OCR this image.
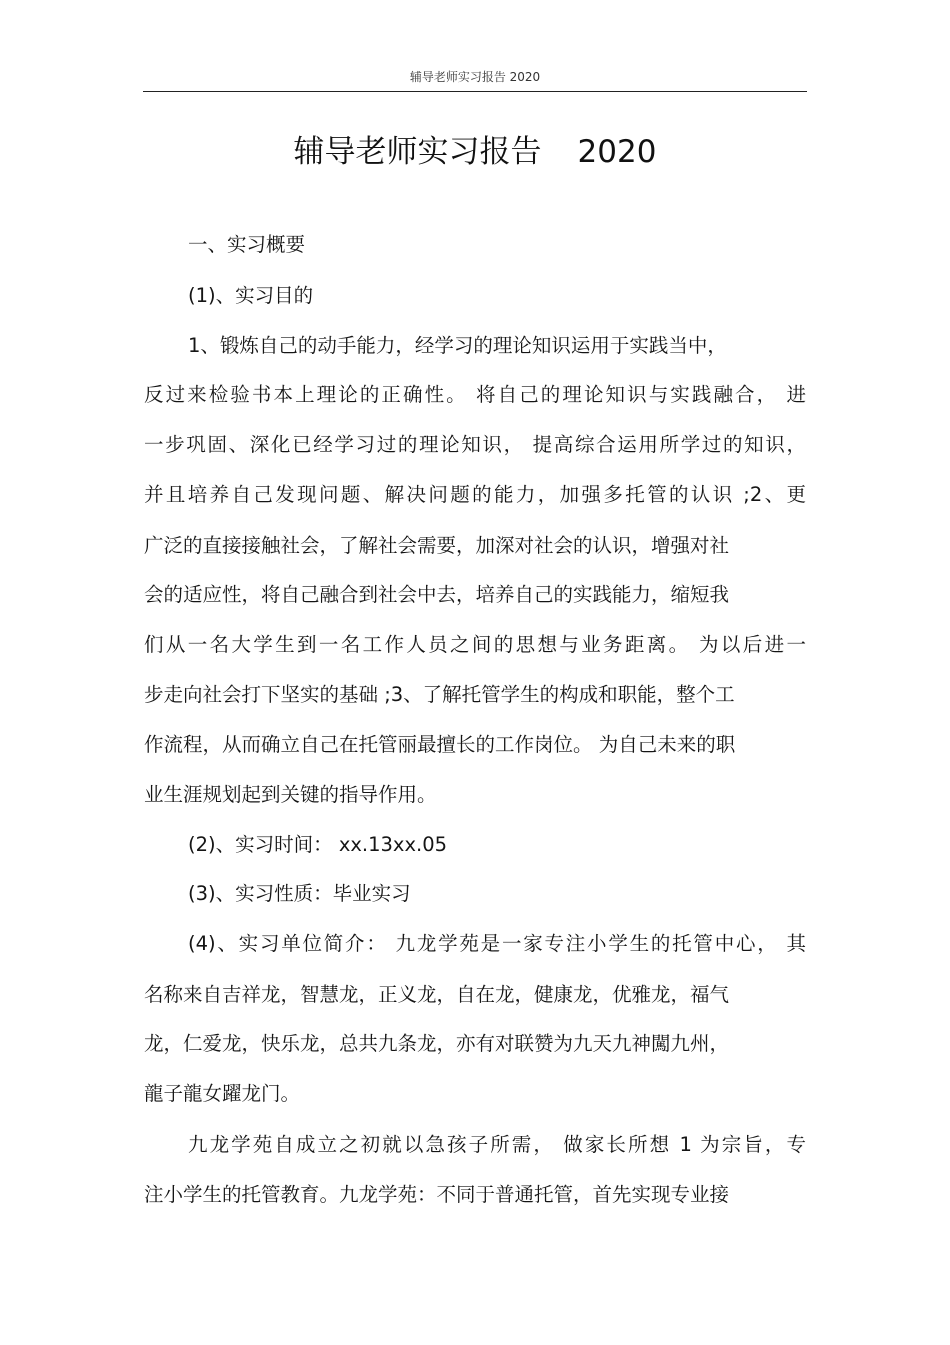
辅导老师实习报告 2020
辅导老师实习报告 2020
一、实习概要
(1)、实习目的
1、锻炼自己的动手能力，经学习的理论知识运用于实践当中，
反过来检验书本上理论的正确性。 将自己的理论知识与实践融合， 进
一步巩固、深化已经学习过的理论知识， 提高综合运用所学过的知识，
并且培养自己发现问题、解决问题的能力，加强多托管的认识 ;2、更
广泛的直接接触社会，了解社会需要，加深对社会的认识，增强对社
会的适应性，将自己融合到社会中去，培养自己的实践能力，缩短我
们从一名大学生到一名工作人员之间的思想与业务距离。 为以后进一
步走向社会打下坚实的基础 ;3、了解托管学生的构成和职能，整个工
作流程，从而确立自己在托管丽最擅长的工作岗位。 为自己未来的职
业生涯规划起到关键的指导作用。
(2)、实习时间： xx.13xx.05
(3)、实习性质：毕业实习
(4)、实习单位简介： 九龙学苑是一家专注小学生的托管中心， 其
名称来自吉祥龙，智慧龙，正义龙，自在龙，健康龙，优雅龙，福气
龙，仁爱龙，快乐龙，总共九条龙，亦有对联赞为九天九神闖九州，
龍子龍女躍龙门。
九龙学苑自成立之初就以急孩子所需， 做家长所想 1 为宗旨，专
注小学生的托管教育。九龙学苑：不同于普通托管，首先实现专业接
